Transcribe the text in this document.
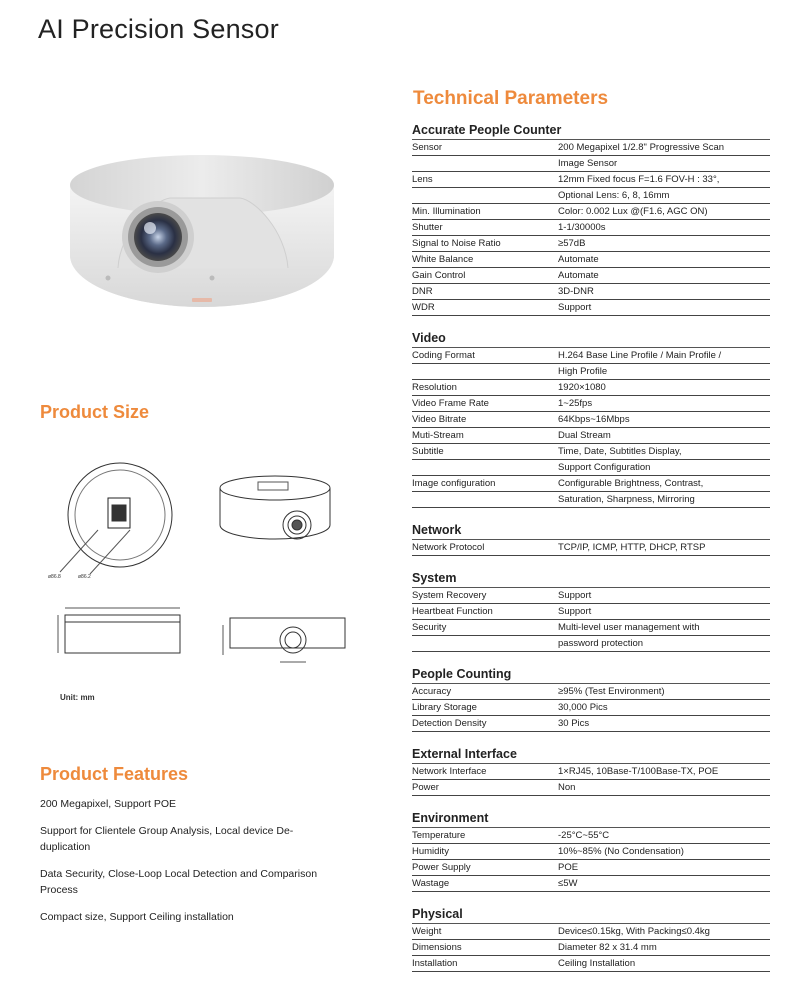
AI Precision Sensor
Technical Parameters
Product Size
ø86.8	ø86.2
Unit: mm
Product Features
200 Megapixel, Support POE
Support for Clientele Group Analysis, Local device De-duplication
Data Security, Close-Loop Local Detection and Comparison Process
Compact size, Support Ceiling installation
Accurate People Counter
Sensor	200 Megapixel 1/2.8" Progressive Scan
Image Sensor
Lens	12mm Fixed focus F=1.6 FOV-H : 33°,
Optional Lens: 6, 8, 16mm
Min. Illumination	Color: 0.002 Lux @(F1.6, AGC ON)
Shutter	1-1/30000s
Signal to Noise Ratio	≥57dB
White Balance	Automate
Gain Control	Automate
DNR	3D-DNR
WDR	Support
Video
Coding Format	H.264 Base Line Profile / Main Profile /
High Profile
Resolution	1920×1080
Video Frame Rate	1~25fps
Video Bitrate	64Kbps~16Mbps
Muti-Stream	Dual Stream
Subtitle	Time, Date, Subtitles Display,
Support Configuration
Image configuration	Configurable Brightness, Contrast,
Saturation, Sharpness, Mirroring
Network
Network Protocol	TCP/IP, ICMP, HTTP, DHCP, RTSP
System
System Recovery	Support
Heartbeat Function	Support
Security	Multi-level user management with
password protection
People Counting
Accuracy	≥95% (Test Environment)
Library Storage	30,000 Pics
Detection Density	30 Pics
External Interface
Network Interface	1×RJ45, 10Base-T/100Base-TX, POE
Power	Non
Environment
Temperature	-25°C~55°C
Humidity	10%~85% (No Condensation)
Power Supply	POE
Wastage	≤5W
Physical
Weight	Device≤0.15kg, With Packing≤0.4kg
Dimensions	Diameter 82 x 31.4 mm
Installation	Ceiling Installation
